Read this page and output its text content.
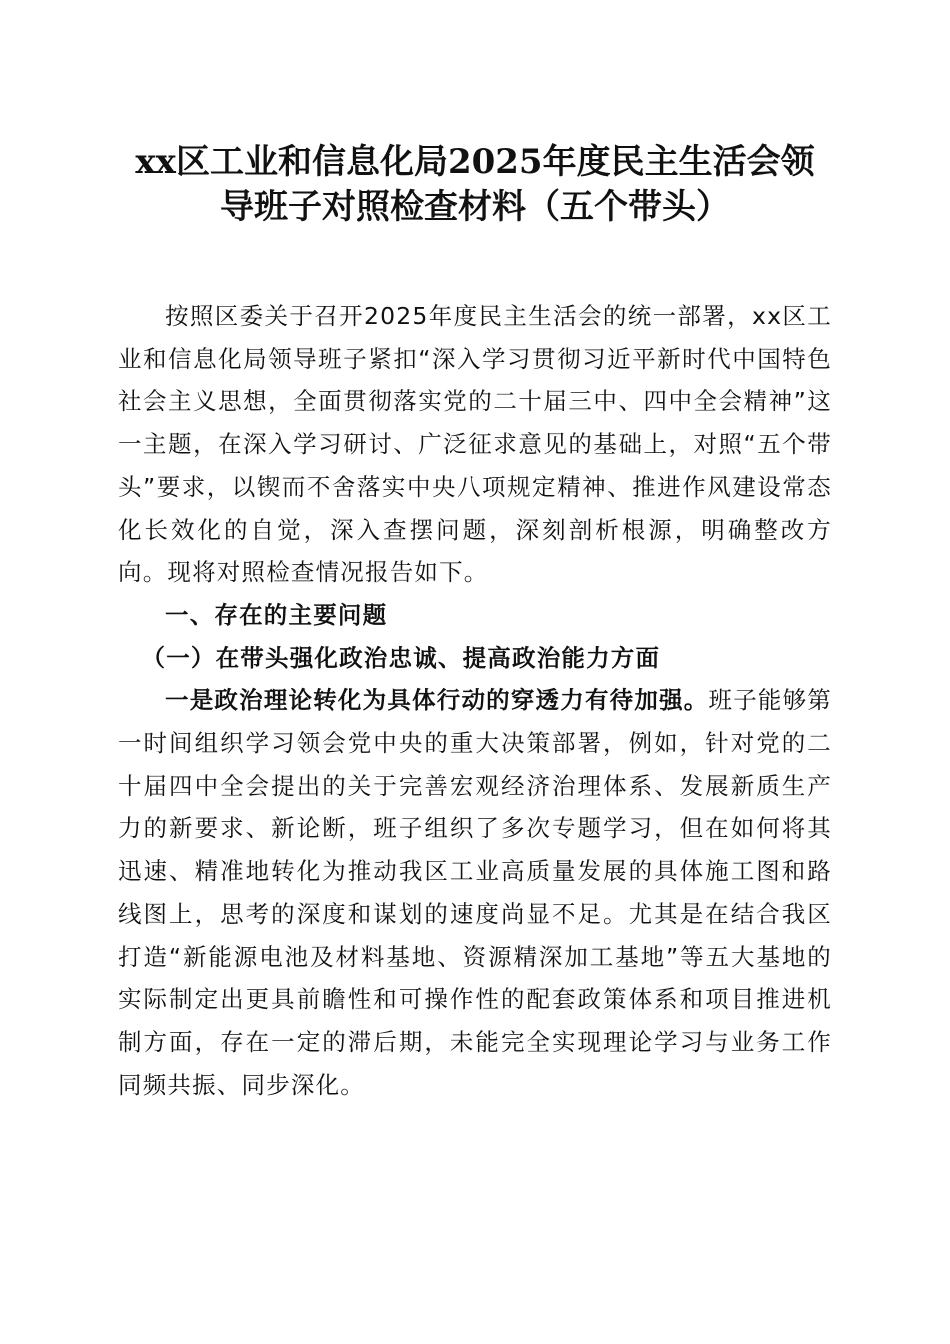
xx区工业和信息化局2025年度民主生活会领
导班子对照检查材料（五个带头）

按照区委关于召开2025年度民主生活会的统一部署，xx区工业和信息化局领导班子紧扣“深入学习贯彻习近平新时代中国特色社会主义思想，全面贯彻落实党的二十届三中、四中全会精神”这一主题，在深入学习研讨、广泛征求意见的基础上，对照“五个带头”要求，以锲而不舍落实中央八项规定精神、推进作风建设常态化长效化的自觉，深入查摆问题，深刻剖析根源，明确整改方向。现将对照检查情况报告如下。

一、存在的主要问题

（一）在带头强化政治忠诚、提高政治能力方面

一是政治理论转化为具体行动的穿透力有待加强。班子能够第一时间组织学习领会党中央的重大决策部署，例如，针对党的二十届四中全会提出的关于完善宏观经济治理体系、发展新质生产力的新要求、新论断，班子组织了多次专题学习，但在如何将其迅速、精准地转化为推动我区工业高质量发展的具体施工图和路线图上，思考的深度和谋划的速度尚显不足。尤其是在结合我区打造“新能源电池及材料基地、资源精深加工基地”等五大基地的实际制定出更具前瞻性和可操作性的配套政策体系和项目推进机制方面，存在一定的滞后期，未能完全实现理论学习与业务工作同频共振、同步深化。
